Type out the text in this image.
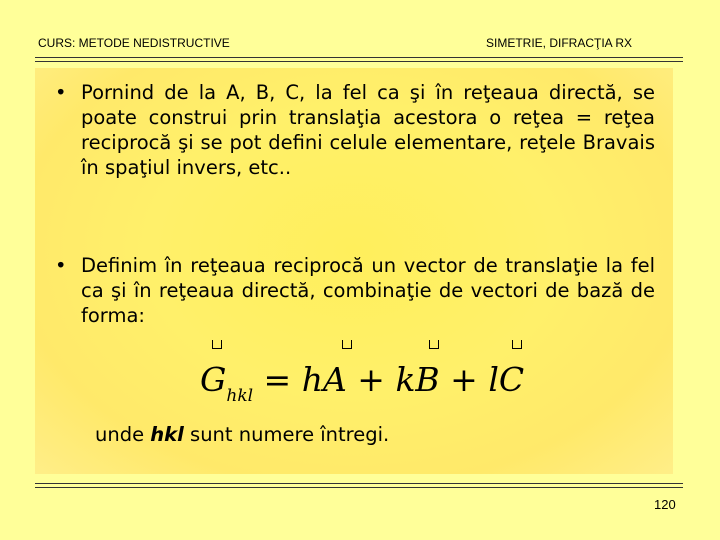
CURS: METODE NEDISTRUCTIVE	SIMETRIE, DIFRACŢIA RX
• Pornind de la A, B, C, la fel ca şi în reţeaua directă, se poate construi prin translaţia acestora o reţea = reţea reciprocă şi se pot defini celule elementare, reţele Bravais în spaţiul invers, etc..
• Definim în reţeaua reciprocă un vector de translaţie la fel ca şi în reţeaua directă, combinaţie de vectori de bază de forma:
$G_{hkl}$ = hA + kB + lC
unde hkl sunt numere întregi.
120
